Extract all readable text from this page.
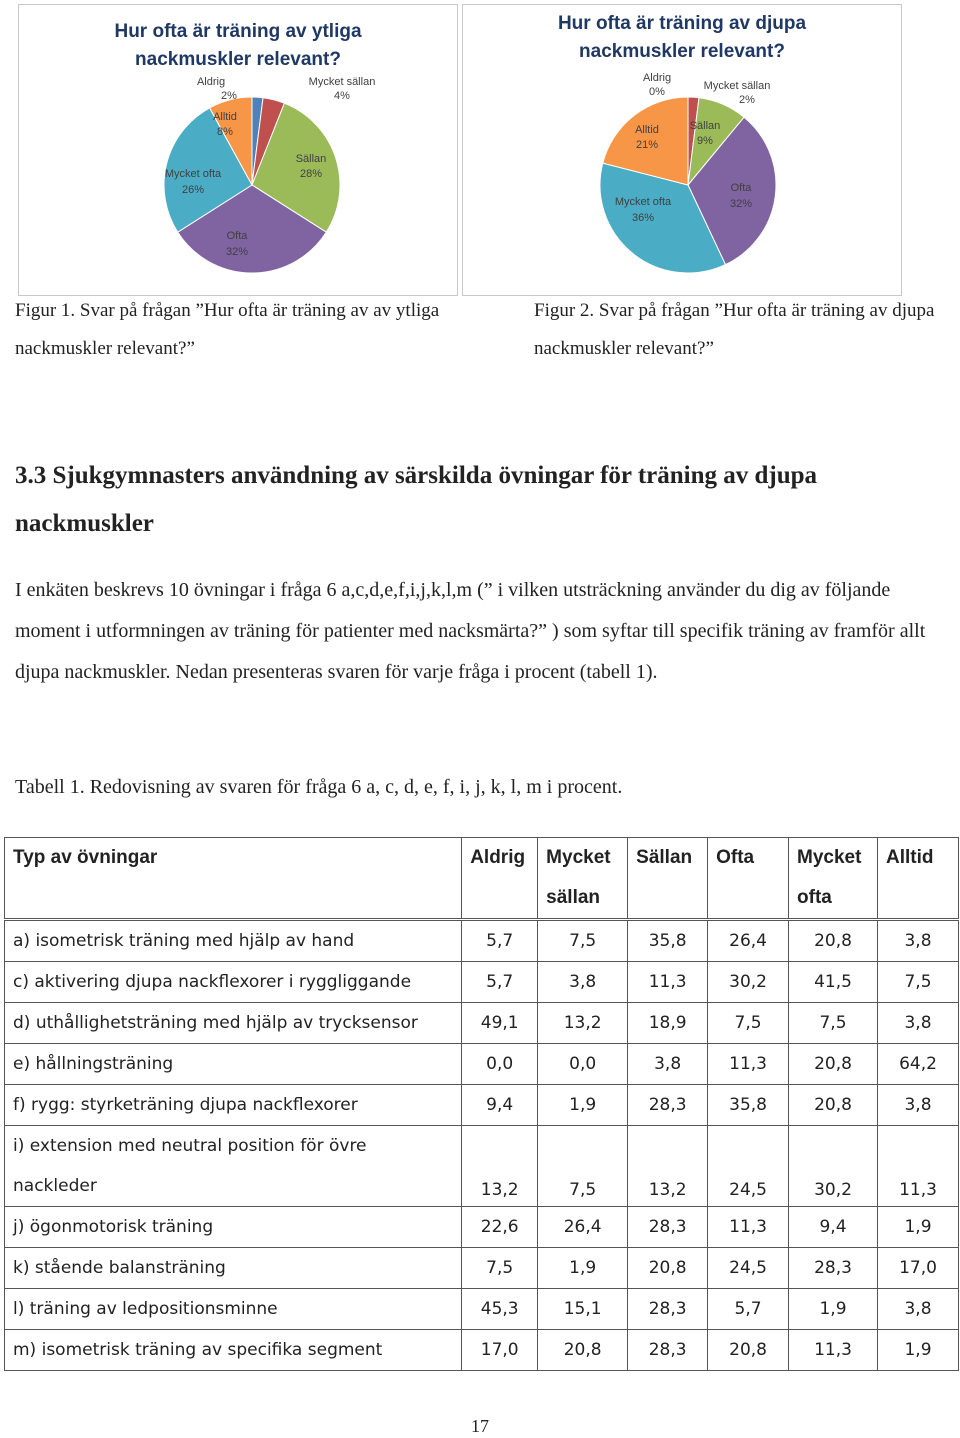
Hur ofta är träning av ytliga
nackmuskler relevant?
Aldrig
2%
Mycket sällan
4%
Sällan
28%
Ofta
32%
Mycket ofta
26%
Alltid
8%
Hur ofta är träning av djupa
nackmuskler relevant?
Aldrig
0%	Mycket sällan
2%
Sällan
9%
Ofta
32%
Mycket ofta
36%
Alltid
21%
Figur 1. Svar på frågan ”Hur ofta är träning av av ytliga nackmuskler relevant?”
Figur 2. Svar på frågan ”Hur ofta är träning av djupa nackmuskler relevant?”
3.3 Sjukgymnasters användning av särskilda övningar för träning av djupa nackmuskler

I enkäten beskrevs 10 övningar i fråga 6 a,c,d,e,f,i,j,k,l,m (” i vilken utsträckning använder du dig av följande moment i utformningen av träning för patienter med nacksmärta?” ) som syftar till specifik träning av framför allt djupa nackmuskler. Nedan presenteras svaren för varje fråga i procent (tabell 1).

Tabell 1. Redovisning av svaren för fråga 6 a, c, d, e, f, i, j, k, l, m i procent.
Typ av övningar	Aldrig	Mycket sällan	Sällan	Ofta	Mycket ofta	Alltid
a) isometrisk träning med hjälp av hand	5,7	7,5	35,8	26,4	20,8	3,8
c) aktivering djupa nackflexorer i ryggliggande	5,7	3,8	11,3	30,2	41,5	7,5
d) uthållighetsträning med hjälp av trycksensor	49,1	13,2	18,9	7,5	7,5	3,8
e) hållningsträning	0,0	0,0	3,8	11,3	20,8	64,2
f) rygg: styrketräning djupa nackflexorer	9,4	1,9	28,3	35,8	20,8	3,8
i) extension med neutral position för övre nackleder	13,2	7,5	13,2	24,5	30,2	11,3
j) ögonmotorisk träning	22,6	26,4	28,3	11,3	9,4	1,9
k) stående balansträning	7,5	1,9	20,8	24,5	28,3	17,0
l) träning av ledpositionsminne	45,3	15,1	28,3	5,7	1,9	3,8
m) isometrisk träning av specifika segment	17,0	20,8	28,3	20,8	11,3	1,9
17
